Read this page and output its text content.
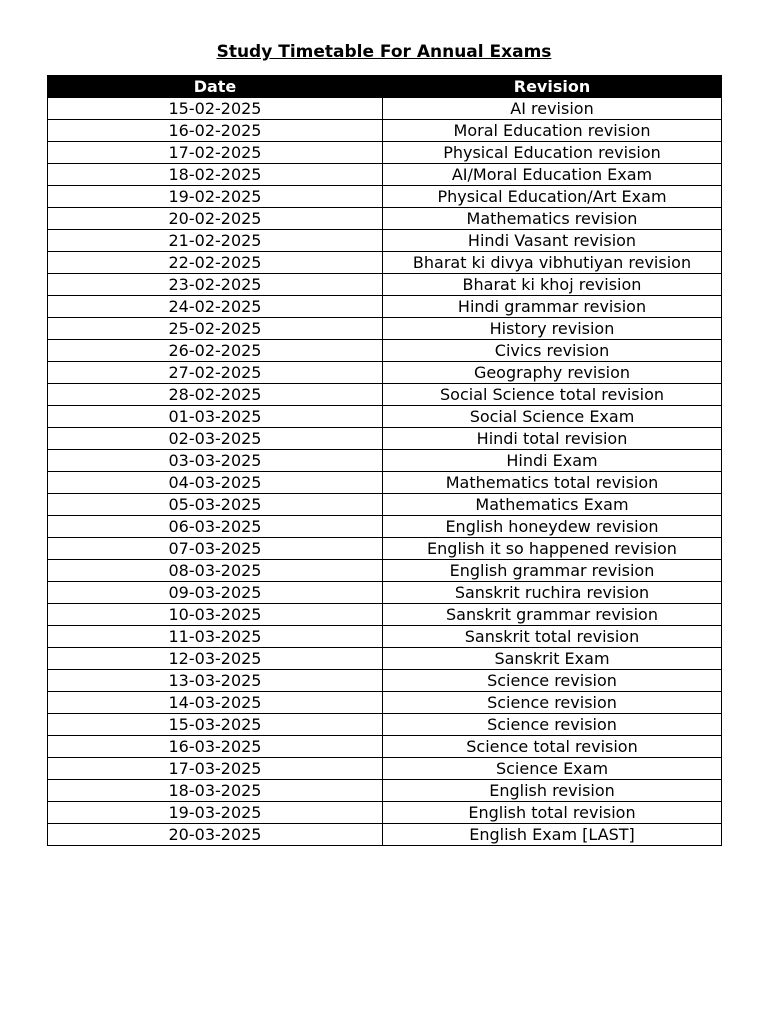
Study Timetable For Annual Exams
Date	Revision
15-02-2025	AI revision
16-02-2025	Moral Education revision
17-02-2025	Physical Education revision
18-02-2025	AI/Moral Education Exam
19-02-2025	Physical Education/Art Exam
20-02-2025	Mathematics revision
21-02-2025	Hindi Vasant revision
22-02-2025	Bharat ki divya vibhutiyan revision
23-02-2025	Bharat ki khoj revision
24-02-2025	Hindi grammar revision
25-02-2025	History revision
26-02-2025	Civics revision
27-02-2025	Geography revision
28-02-2025	Social Science total revision
01-03-2025	Social Science Exam
02-03-2025	Hindi total revision
03-03-2025	Hindi Exam
04-03-2025	Mathematics total revision
05-03-2025	Mathematics Exam
06-03-2025	English honeydew revision
07-03-2025	English it so happened revision
08-03-2025	English grammar revision
09-03-2025	Sanskrit ruchira revision
10-03-2025	Sanskrit grammar revision
11-03-2025	Sanskrit total revision
12-03-2025	Sanskrit Exam
13-03-2025	Science revision
14-03-2025	Science revision
15-03-2025	Science revision
16-03-2025	Science total revision
17-03-2025	Science Exam
18-03-2025	English revision
19-03-2025	English total revision
20-03-2025	English Exam [LAST]
